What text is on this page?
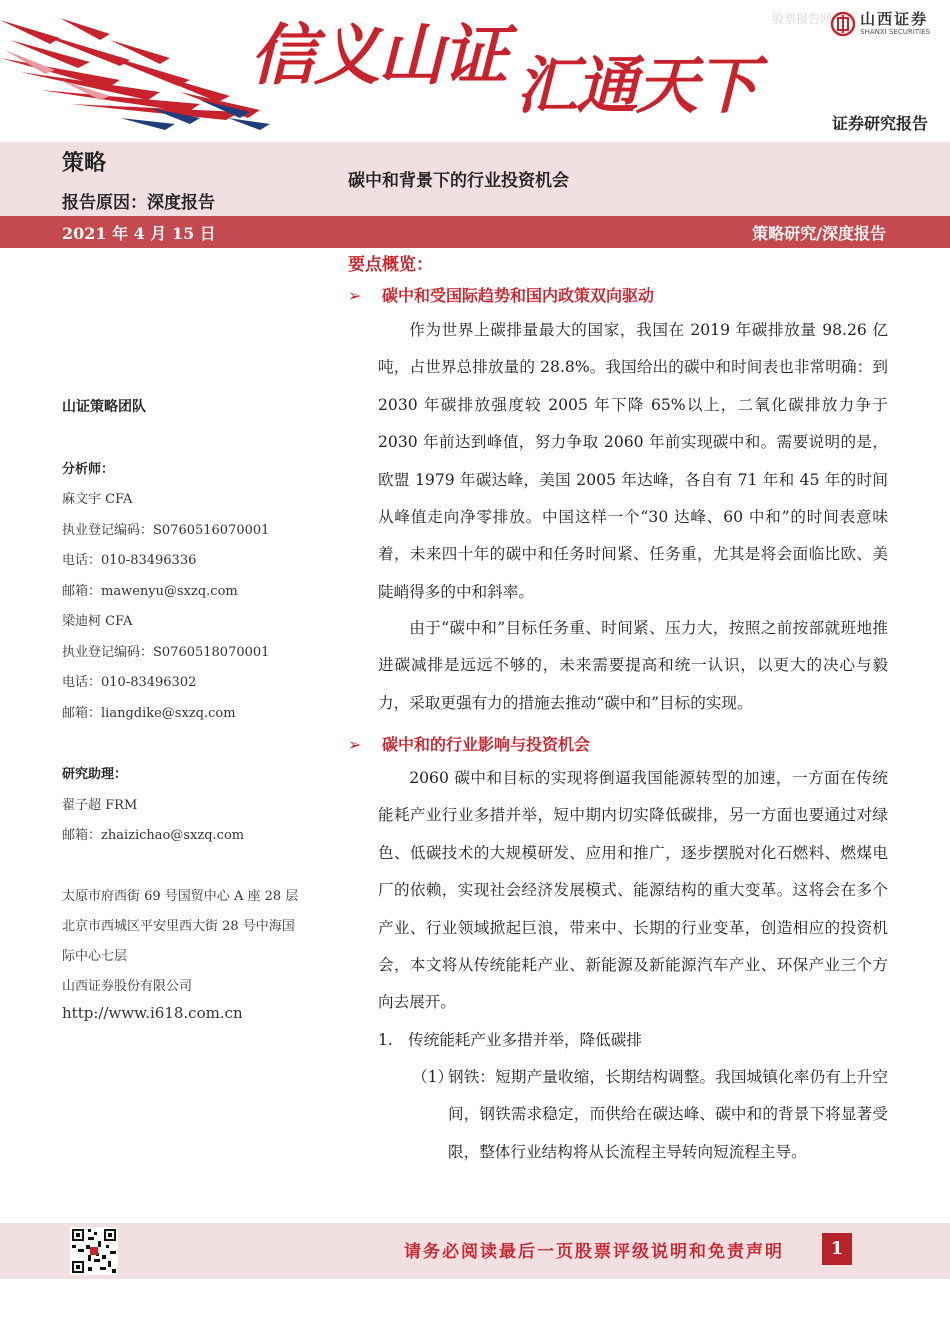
股票报告网 山西证券
SHANXI SECURITIES
信义山证 汇通天下
证券研究报告
策略
报告原因：深度报告
碳中和背景下的行业投资机会
2021 年 4 月 15 日	策略研究/深度报告
山证策略团队
分析师：
麻文宇 CFA
执业登记编码：S0760516070001
电话：010-83496336
邮箱：mawenyu@sxzq.com
梁迪柯 CFA
执业登记编码：S0760518070001
电话：010-83496302
邮箱：liangdike@sxzq.com
研究助理：
翟子超 FRM
邮箱：zhaizichao@sxzq.com
太原市府西街 69 号国贸中心 A 座 28 层
北京市西城区平安里西大街 28 号中海国
际中心七层
山西证券股份有限公司
http://www.i618.com.cn
要点概览：
➢ 碳中和受国际趋势和国内政策双向驱动

作为世界上碳排量最大的国家，我国在 2019 年碳排放量 98.26 亿吨，占世界总排放量的 28.8%。我国给出的碳中和时间表也非常明确：到 2030 年碳排放强度较 2005 年下降 65%以上，二氧化碳排放力争于 2030 年前达到峰值，努力争取 2060 年前实现碳中和。需要说明的是，欧盟 1979 年碳达峰，美国 2005 年达峰，各自有 71 年和 45 年的时间从峰值走向净零排放。中国这样一个“30 达峰、60 中和”的时间表意味着，未来四十年的碳中和任务时间紧、任务重，尤其是将会面临比欧、美陡峭得多的中和斜率。

由于“碳中和”目标任务重、时间紧、压力大，按照之前按部就班地推进碳减排是远远不够的，未来需要提高和统一认识，以更大的决心与毅力，采取更强有力的措施去推动“碳中和”目标的实现。

➢ 碳中和的行业影响与投资机会

2060 碳中和目标的实现将倒逼我国能源转型的加速，一方面在传统能耗产业行业多措并举，短中期内切实降低碳排，另一方面也要通过对绿色、低碳技术的大规模研发、应用和推广，逐步摆脱对化石燃料、燃煤电厂的依赖，实现社会经济发展模式、能源结构的重大变革。这将会在多个产业、行业领域掀起巨浪，带来中、长期的行业变革，创造相应的投资机会，本文将从传统能耗产业、新能源及新能源汽车产业、环保产业三个方向去展开。

1. 传统能耗产业多措并举，降低碳排
（1）
钢铁：短期产量收缩，长期结构调整。我国城镇化率仍有上升空间，钢铁需求稳定，而供给在碳达峰、碳中和的背景下将显著受限，整体行业结构将从长流程主导转向短流程主导。
请务必阅读最后一页股票评级说明和免责声明	1
